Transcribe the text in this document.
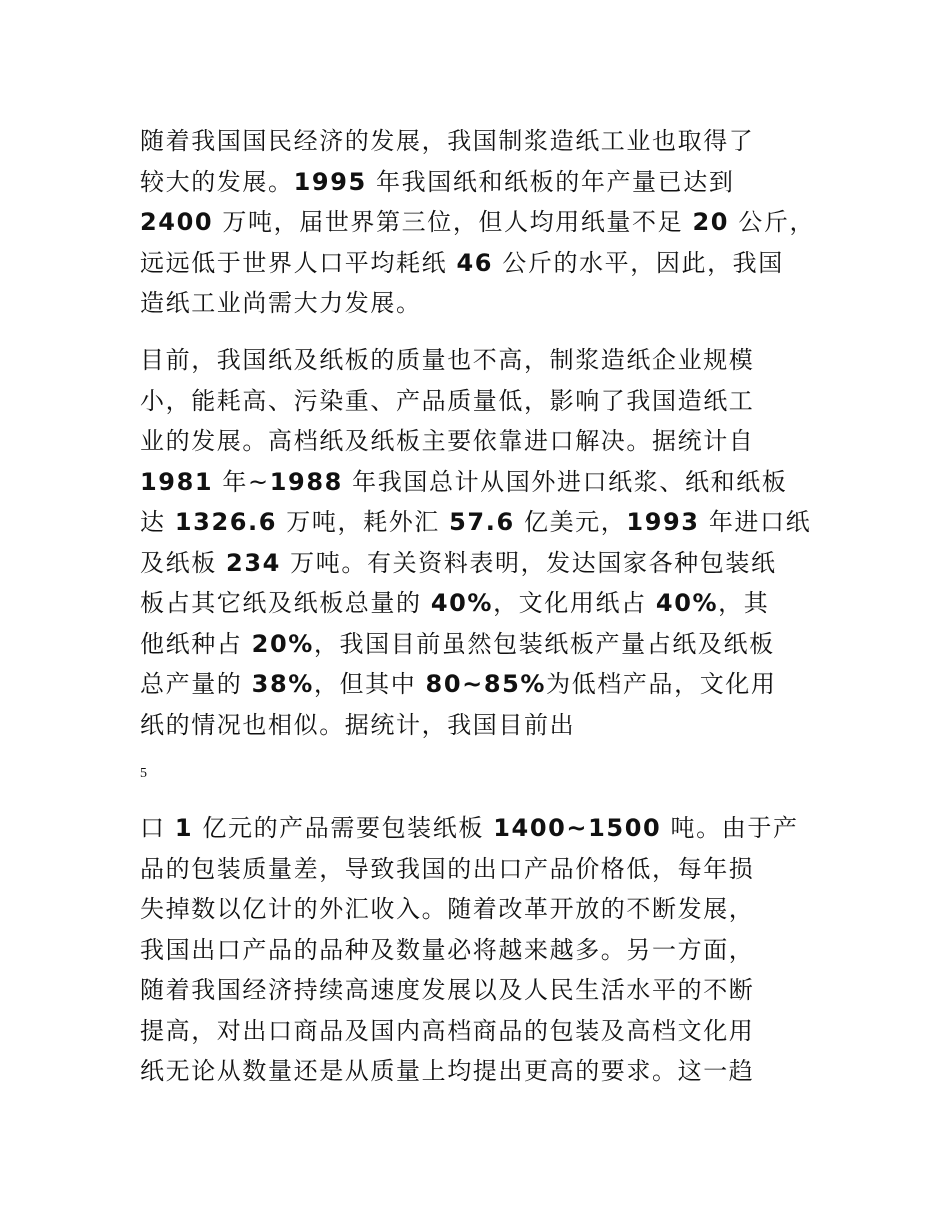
随着我国国民经济的发展，我国制浆造纸工业也取得了
较大的发展。1995 年我国纸和纸板的年产量已达到
2400 万吨，届世界第三位，但人均用纸量不足 20 公斤，
远远低于世界人口平均耗纸 46 公斤的水平，因此，我国
造纸工业尚需大力发展。

目前，我国纸及纸板的质量也不高，制浆造纸企业规模
小，能耗高、污染重、产品质量低，影响了我国造纸工
业的发展。高档纸及纸板主要依靠进口解决。据统计自
1981 年~1988 年我国总计从国外进口纸浆、纸和纸板
达 1326.6 万吨，耗外汇 57.6 亿美元，1993 年进口纸
及纸板 234 万吨。有关资料表明，发达国家各种包装纸
板占其它纸及纸板总量的 40%，文化用纸占 40%，其
他纸种占 20%，我国目前虽然包装纸板产量占纸及纸板
总产量的 38%，但其中 80~85%为低档产品，文化用
纸的情况也相似。据统计，我国目前出

5

口 1 亿元的产品需要包装纸板 1400~1500 吨。由于产
品的包装质量差，导致我国的出口产品价格低，每年损
失掉数以亿计的外汇收入。随着改革开放的不断发展，
我国出口产品的品种及数量必将越来越多。另一方面，
随着我国经济持续高速度发展以及人民生活水平的不断
提高，对出口商品及国内高档商品的包装及高档文化用
纸无论从数量还是从质量上均提出更高的要求。这一趋
